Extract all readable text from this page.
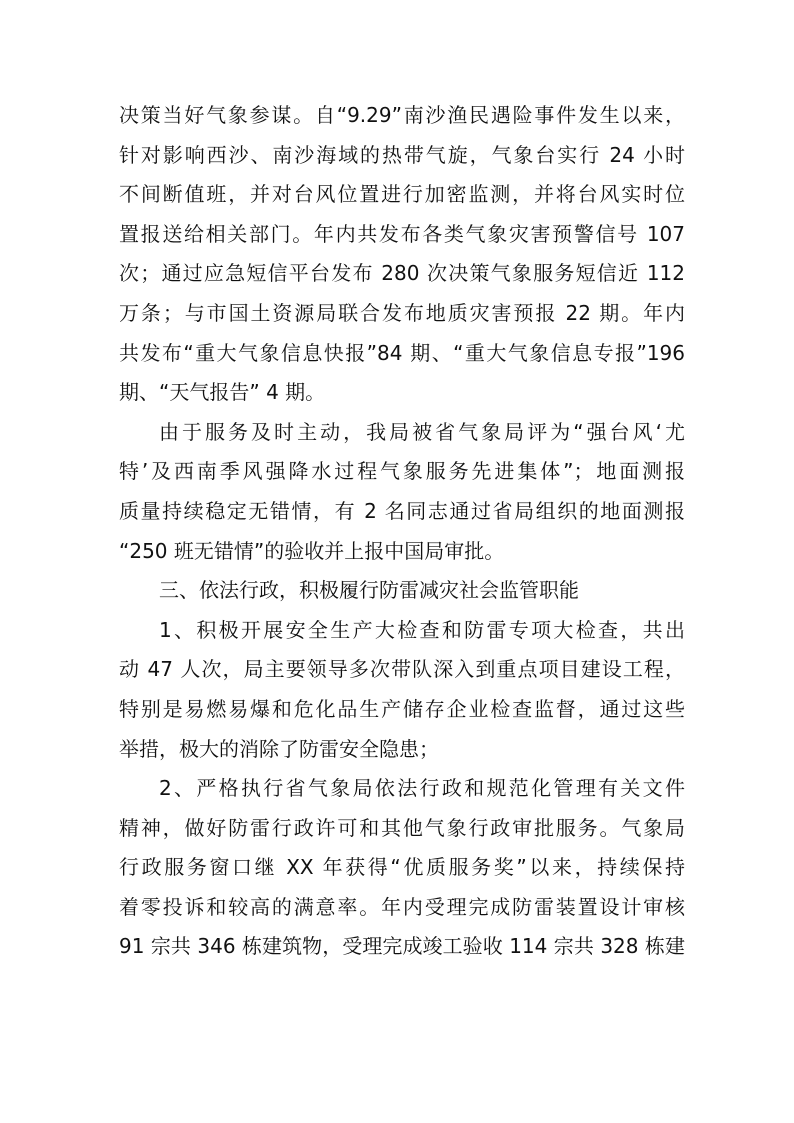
决策当好气象参谋。自“9.29”南沙渔民遇险事件发生以来，
针对影响西沙、南沙海域的热带气旋，气象台实行 24 小时
不间断值班，并对台风位置进行加密监测，并将台风实时位
置报送给相关部门。年内共发布各类气象灾害预警信号 107
次；通过应急短信平台发布 280 次决策气象服务短信近 112
万条；与市国土资源局联合发布地质灾害预报 22 期。年内
共发布“重大气象信息快报”84 期、“重大气象信息专报”196
期、“天气报告” 4 期。
由于服务及时主动，我局被省气象局评为“强台风‘尤
特’及西南季风强降水过程气象服务先进集体”；地面测报
质量持续稳定无错情，有 2 名同志通过省局组织的地面测报
“250 班无错情”的验收并上报中国局审批。
三、依法行政，积极履行防雷减灾社会监管职能
1、积极开展安全生产大检查和防雷专项大检查，共出
动 47 人次，局主要领导多次带队深入到重点项目建设工程，
特别是易燃易爆和危化品生产储存企业检查监督，通过这些
举措，极大的消除了防雷安全隐患；
2、严格执行省气象局依法行政和规范化管理有关文件
精神，做好防雷行政许可和其他气象行政审批服务。气象局
行政服务窗口继 XX 年获得“优质服务奖”以来，持续保持
着零投诉和较高的满意率。年内受理完成防雷装置设计审核
91 宗共 346 栋建筑物，受理完成竣工验收 114 宗共 328 栋建
